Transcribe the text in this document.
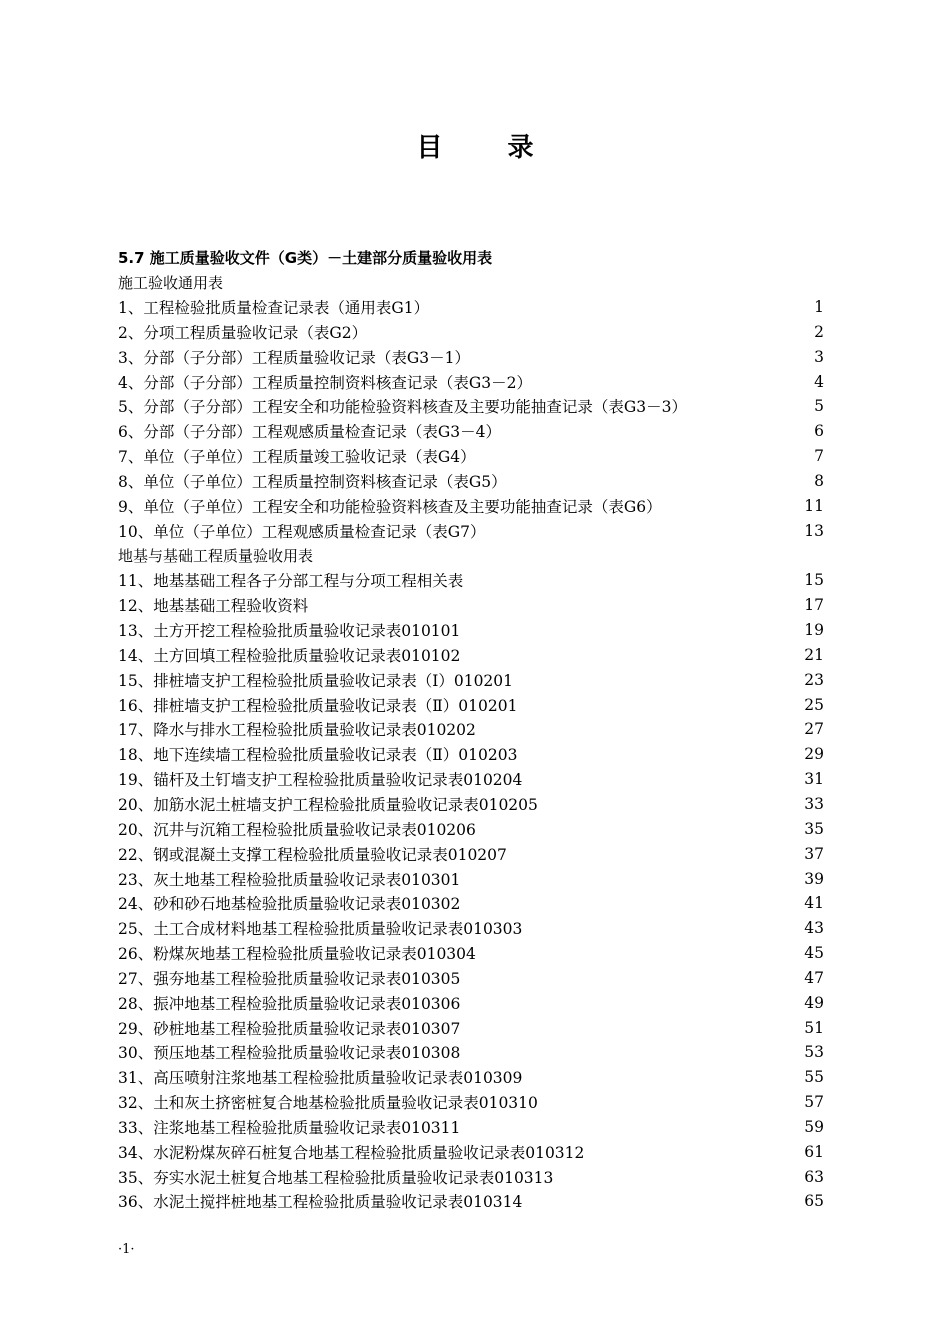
目 录
5.7 施工质量验收文件（G类）－土建部分质量验收用表
施工验收通用表
1、工程检验批质量检查记录表（通用表G1）	1
2、分项工程质量验收记录（表G2）	2
3、分部（子分部）工程质量验收记录（表G3－1）	3
4、分部（子分部）工程质量控制资料核查记录（表G3－2）	4
5、分部（子分部）工程安全和功能检验资料核查及主要功能抽查记录（表G3－3）	5
6、分部（子分部）工程观感质量检查记录（表G3－4）	6
7、单位（子单位）工程质量竣工验收记录（表G4）	7
8、单位（子单位）工程质量控制资料核查记录（表G5）	8
9、单位（子单位）工程安全和功能检验资料核查及主要功能抽查记录（表G6）	11
10、单位（子单位）工程观感质量检查记录（表G7）	13
地基与基础工程质量验收用表
11、地基基础工程各子分部工程与分项工程相关表	15
12、地基基础工程验收资料	17
13、土方开挖工程检验批质量验收记录表010101	19
14、土方回填工程检验批质量验收记录表010102	21
15、排桩墙支护工程检验批质量验收记录表（Ⅰ）010201	23
16、排桩墙支护工程检验批质量验收记录表（Ⅱ）010201	25
17、降水与排水工程检验批质量验收记录表010202	27
18、地下连续墙工程检验批质量验收记录表（Ⅱ）010203	29
19、锚杆及土钉墙支护工程检验批质量验收记录表010204	31
20、加筋水泥土桩墙支护工程检验批质量验收记录表010205	33
20、沉井与沉箱工程检验批质量验收记录表010206	35
22、钢或混凝土支撑工程检验批质量验收记录表010207	37
23、灰土地基工程检验批质量验收记录表010301	39
24、砂和砂石地基检验批质量验收记录表010302	41
25、土工合成材料地基工程检验批质量验收记录表010303	43
26、粉煤灰地基工程检验批质量验收记录表010304	45
27、强夯地基工程检验批质量验收记录表010305	47
28、振冲地基工程检验批质量验收记录表010306	49
29、砂桩地基工程检验批质量验收记录表010307	51
30、预压地基工程检验批质量验收记录表010308	53
31、高压喷射注浆地基工程检验批质量验收记录表010309	55
32、土和灰土挤密桩复合地基检验批质量验收记录表010310	57
33、注浆地基工程检验批质量验收记录表010311	59
34、水泥粉煤灰碎石桩复合地基工程检验批质量验收记录表010312	61
35、夯实水泥土桩复合地基工程检验批质量验收记录表010313	63
36、水泥土搅拌桩地基工程检验批质量验收记录表010314	65
·1·
